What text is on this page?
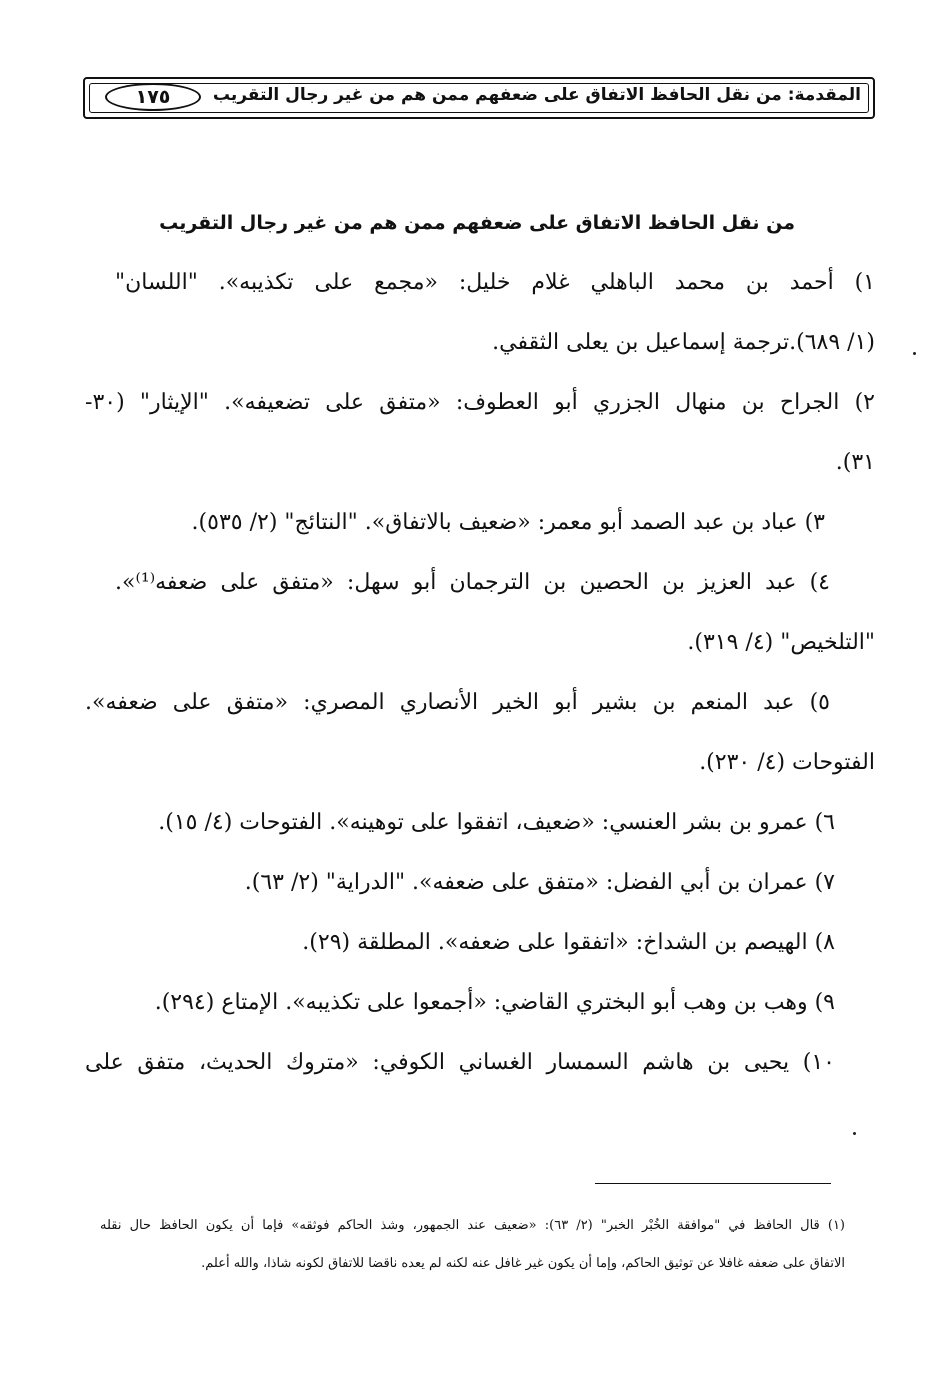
المقدمة: من نقل الحافظ الاتفاق على ضعفهم ممن هم من غير رجال التقريب
١٧٥
من نقل الحافظ الاتفاق على ضعفهم ممن هم من غير رجال التقريب
١) أحمد بن محمد الباهلي غلام خليل: «مجمع على تكذيبه». "اللسان"
(١/ ٦٨٩).ترجمة إسماعيل بن يعلى الثقفي.
٢) الجراح بن منهال الجزري أبو العطوف: «متفق على تضعيفه». "الإيثار" (٣٠-
٣١).
٣) عباد بن عبد الصمد أبو معمر: «ضعيف بالاتفاق». "النتائج" (٢/ ٥٣٥).
٤) عبد العزيز بن الحصين بن الترجمان أبو سهل: «متفق على ضعفه⁽¹⁾».
"التلخيص" (٤/ ٣١٩).
٥) عبد المنعم بن بشير أبو الخير الأنصاري المصري: «متفق على ضعفه».
الفتوحات (٤/ ٢٣٠).
٦) عمرو بن بشر العنسي: «ضعيف، اتفقوا على توهينه». الفتوحات (٤/ ١٥).
٧) عمران بن أبي الفضل: «متفق على ضعفه». "الدراية" (٢/ ٦٣).
٨) الهيصم بن الشداخ: «اتفقوا على ضعفه». المطلقة (٢٩).
٩) وهب بن وهب أبو البختري القاضي: «أجمعوا على تكذيبه». الإمتاع (٢٩٤).
١٠) يحيى بن هاشم السمسار الغساني الكوفي: «متروك الحديث، متفق على
(١) قال الحافظ في "موافقة الخُبْر الخبر" (٢/ ٦٣): «ضعيف عند الجمهور، وشذ الحاكم فوثقه» فإما أن يكون الحافظ حال نقله
الاتفاق على ضعفه غافلا عن توثيق الحاكم، وإما أن يكون غير غافل عنه لكنه لم يعده ناقضا للاتفاق لكونه شاذا، والله أعلم.
